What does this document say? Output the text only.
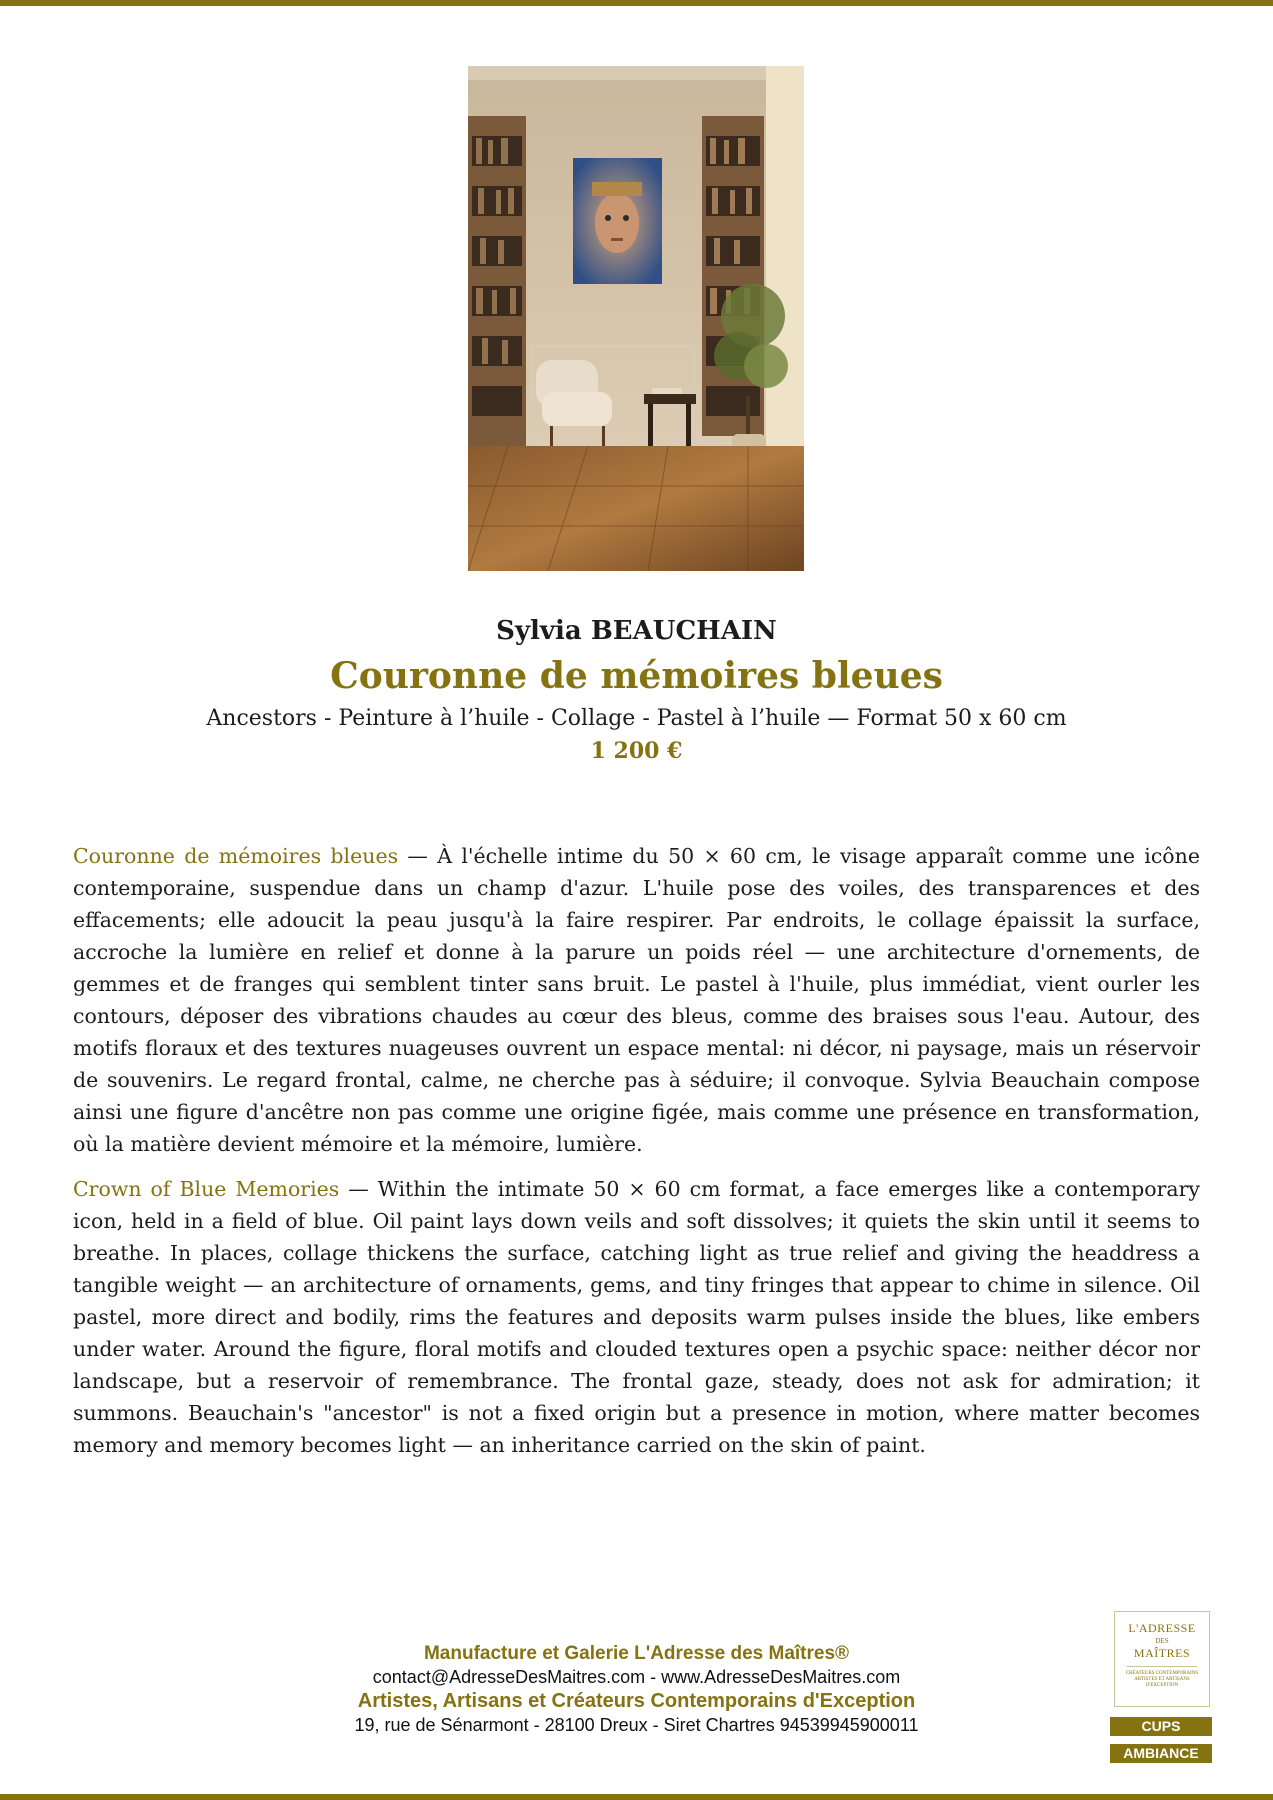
Sylvia BEAUCHAIN
Couronne de mémoires bleues
Ancestors - Peinture à l’huile - Collage - Pastel à l’huile — Format 50 x 60 cm
1 200 €

Couronne de mémoires bleues — À l'échelle intime du 50 × 60 cm, le visage apparaît comme une icône contemporaine, suspendue dans un champ d'azur. L'huile pose des voiles, des transparences et des effacements; elle adoucit la peau jusqu'à la faire respirer. Par endroits, le collage épaissit la surface, accroche la lumière en relief et donne à la parure un poids réel — une architecture d'ornements, de gemmes et de franges qui semblent tinter sans bruit. Le pastel à l'huile, plus immédiat, vient ourler les contours, déposer des vibrations chaudes au cœur des bleus, comme des braises sous l'eau. Autour, des motifs floraux et des textures nuageuses ouvrent un espace mental: ni décor, ni paysage, mais un réservoir de souvenirs. Le regard frontal, calme, ne cherche pas à séduire; il convoque. Sylvia Beauchain compose ainsi une figure d'ancêtre non pas comme une origine figée, mais comme une présence en transformation, où la matière devient mémoire et la mémoire, lumière.

Crown of Blue Memories — Within the intimate 50 × 60 cm format, a face emerges like a contemporary icon, held in a field of blue. Oil paint lays down veils and soft dissolves; it quiets the skin until it seems to breathe. In places, collage thickens the surface, catching light as true relief and giving the headdress a tangible weight — an architecture of ornaments, gems, and tiny fringes that appear to chime in silence. Oil pastel, more direct and bodily, rims the features and deposits warm pulses inside the blues, like embers under water. Around the figure, floral motifs and clouded textures open a psychic space: neither décor nor landscape, but a reservoir of remembrance. The frontal gaze, steady, does not ask for admiration; it summons. Beauchain's "ancestor" is not a fixed origin but a presence in motion, where matter becomes memory and memory becomes light — an inheritance carried on the skin of paint.

Manufacture et Galerie L'Adresse des Maîtres®
contact@AdresseDesMaitres.com - www.AdresseDesMaitres.com
Artistes, Artisans et Créateurs Contemporains d'Exception
19, rue de Sénarmont - 28100 Dreux - Siret Chartres 94539945900011
L'ADRESSE
DES
MAÎTRES
CRÉATEURS CONTEMPORAINS ARTISTES ET ARTISANS D'EXCEPTION
CUPS
AMBIANCE
